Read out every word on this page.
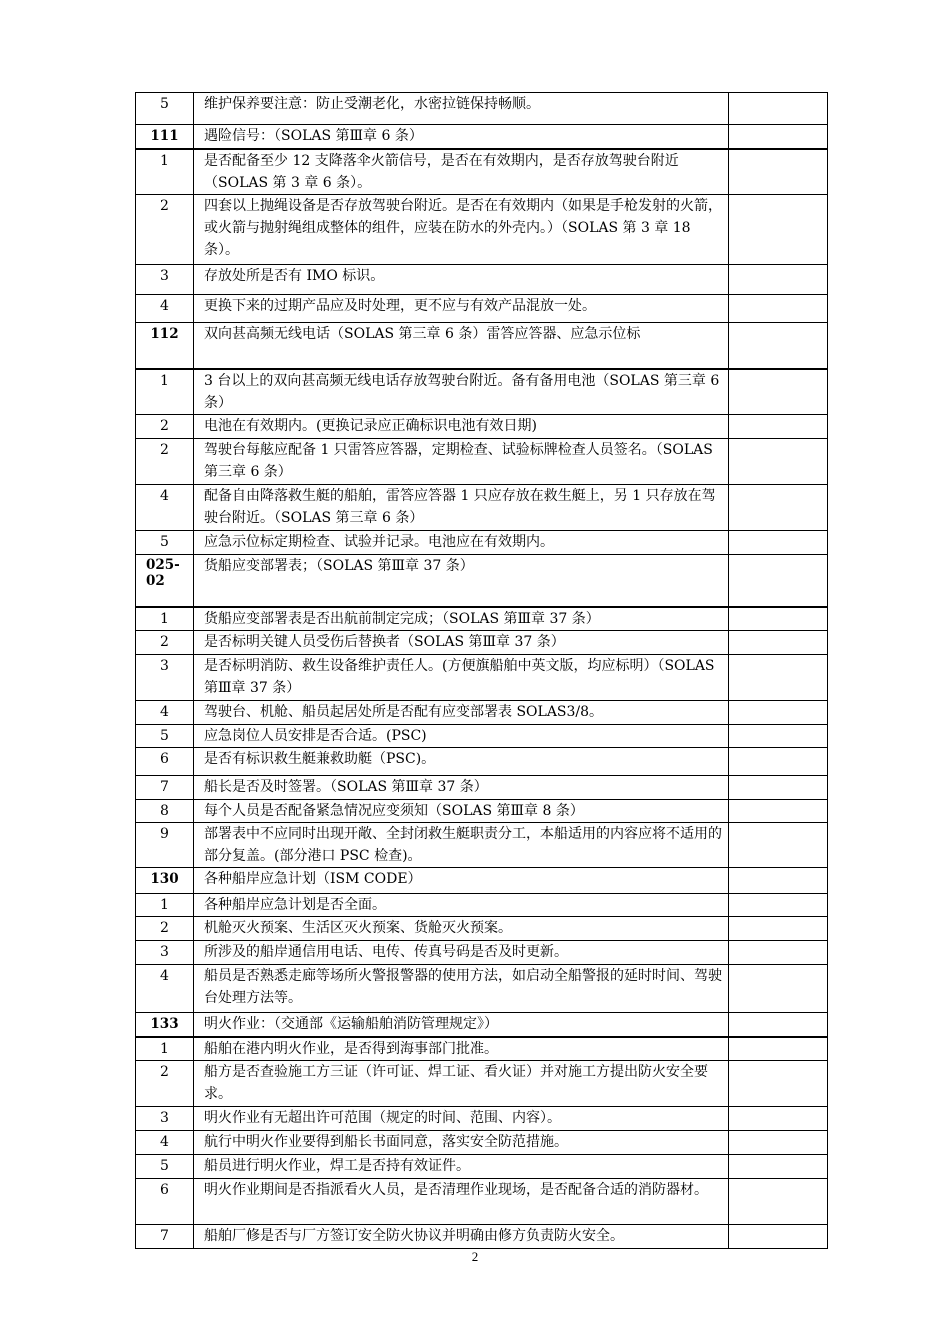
5	维护保养要注意：防止受潮老化，水密拉链保持畅顺。	
111	遇险信号：（SOLAS 第Ⅲ章 6 条）	
1	是否配备至少 12 支降落伞火箭信号，是否在有效期内，是否存放驾驶台附近（SOLAS 第 3 章 6 条）。	
2	四套以上抛绳设备是否存放驾驶台附近。是否在有效期内（如果是手枪发射的火箭，或火箭与抛射绳组成整体的组件，应装在防水的外壳内。）（SOLAS 第 3 章 18 条）。	
3	存放处所是否有 IMO 标识。	
4	更换下来的过期产品应及时处理，更不应与有效产品混放一处。	
112	双向甚高频无线电话（SOLAS 第三章 6 条）雷答应答器、应急示位标	
1	3 台以上的双向甚高频无线电话存放驾驶台附近。备有备用电池（SOLAS 第三章 6 条）	
2	电池在有效期内。(更换记录应正确标识电池有效日期)	
2	驾驶台每舷应配备 1 只雷答应答器，定期检查、试验标牌检查人员签名。（SOLAS 第三章 6 条）	
4	配备自由降落救生艇的船舶，雷答应答器 1 只应存放在救生艇上，另 1 只存放在驾驶台附近。（SOLAS 第三章 6 条）	
5	应急示位标定期检查、试验并记录。电池应在有效期内。	
025-02	货船应变部署表；（SOLAS 第Ⅲ章 37 条）	
1	货船应变部署表是否出航前制定完成；（SOLAS 第Ⅲ章 37 条）	
2	是否标明关键人员受伤后替换者（SOLAS 第Ⅲ章 37 条）	
3	是否标明消防、救生设备维护责任人。(方便旗船舶中英文版，均应标明）（SOLAS 第Ⅲ章 37 条）	
4	驾驶台、机舱、船员起居处所是否配有应变部署表 SOLAS3/8。	
5	应急岗位人员安排是否合适。(PSC)	
6	是否有标识救生艇兼救助艇（PSC)。	
7	船长是否及时签署。（SOLAS 第Ⅲ章 37 条）	
8	每个人员是否配备紧急情况应变须知（SOLAS 第Ⅲ章 8 条）	
9	部署表中不应同时出现开敞、全封闭救生艇职责分工，本船适用的内容应将不适用的部分复盖。(部分港口 PSC 检查)。	
130	各种船岸应急计划（ISM CODE）	
1	各种船岸应急计划是否全面。	
2	机舱灭火预案、生活区灭火预案、货舱灭火预案。	
3	所涉及的船岸通信用电话、电传、传真号码是否及时更新。	
4	船员是否熟悉走廊等场所火警报警器的使用方法，如启动全船警报的延时时间、驾驶台处理方法等。	
133	明火作业：（交通部《运输船舶消防管理规定》）	
1	船舶在港内明火作业，是否得到海事部门批准。	
2	船方是否查验施工方三证（许可证、焊工证、看火证）并对施工方提出防火安全要求。	
3	明火作业有无超出许可范围（规定的时间、范围、内容）。	
4	航行中明火作业要得到船长书面同意，落实安全防范措施。	
5	船员进行明火作业，焊工是否持有效证件。	
6	明火作业期间是否指派看火人员，是否清理作业现场，是否配备合适的消防器材。	
7	船舶厂修是否与厂方签订安全防火协议并明确由修方负责防火安全。	
2
